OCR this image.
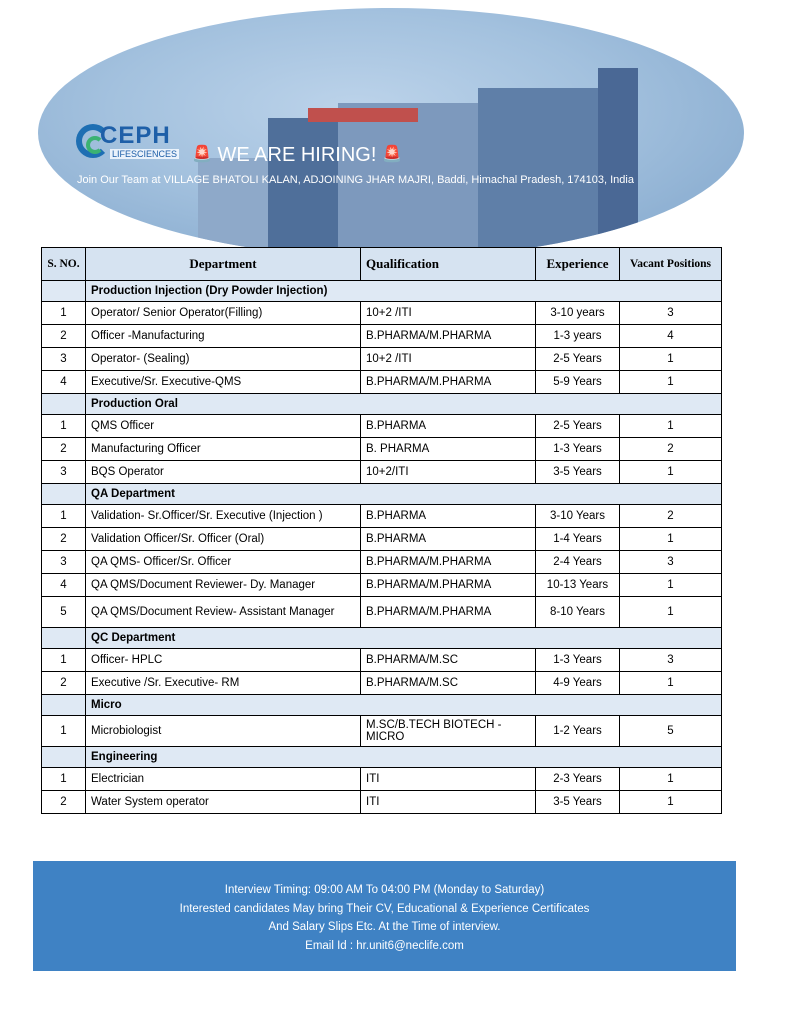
CEPH
LIFESCIENCES 🚨 WE ARE HIRING! 🚨
Join Our Team at VILLAGE BHATOLI KALAN, ADJOINING JHAR MAJRI, Baddi, Himachal Pradesh, 174103, India
S. NO.	Department	Qualification	Experience	Vacant Positions
	Production Injection (Dry Powder Injection)			
1	Operator/ Senior Operator(Filling)	10+2 /ITI	3-10 years	3
2	Officer -Manufacturing	B.PHARMA/M.PHARMA	1-3 years	4
3	Operator- (Sealing)	10+2 /ITI	2-5 Years	1
4	Executive/Sr. Executive-QMS	B.PHARMA/M.PHARMA	5-9 Years	1
	Production Oral			
1	QMS Officer	B.PHARMA	2-5 Years	1
2	Manufacturing Officer	B. PHARMA	1-3 Years	2
3	BQS Operator	10+2/ITI	3-5 Years	1
	QA Department			
1	Validation- Sr.Officer/Sr. Executive (Injection )	B.PHARMA	3-10 Years	2
2	Validation Officer/Sr. Officer (Oral)	B.PHARMA	1-4 Years	1
3	QA QMS- Officer/Sr. Officer	B.PHARMA/M.PHARMA	2-4 Years	3
4	QA QMS/Document Reviewer- Dy. Manager	B.PHARMA/M.PHARMA	10-13 Years	1
5	QA QMS/Document Review- Assistant Manager	B.PHARMA/M.PHARMA	8-10 Years	1
	QC Department			
1	Officer- HPLC	B.PHARMA/M.SC	1-3 Years	3
2	Executive /Sr. Executive- RM	B.PHARMA/M.SC	4-9 Years	1
	Micro			
1	Microbiologist	M.SC/B.TECH BIOTECH - MICRO	1-2 Years	5
	Engineering			
1	Electrician	ITI	2-3 Years	1
2	Water System operator	ITI	3-5 Years	1

Interview Timing: 09:00 AM To 04:00 PM (Monday to Saturday)

Interested candidates May bring Their CV, Educational & Experience Certificates

And Salary Slips Etc. At the Time of interview.

Email Id : hr.unit6@neclife.com
